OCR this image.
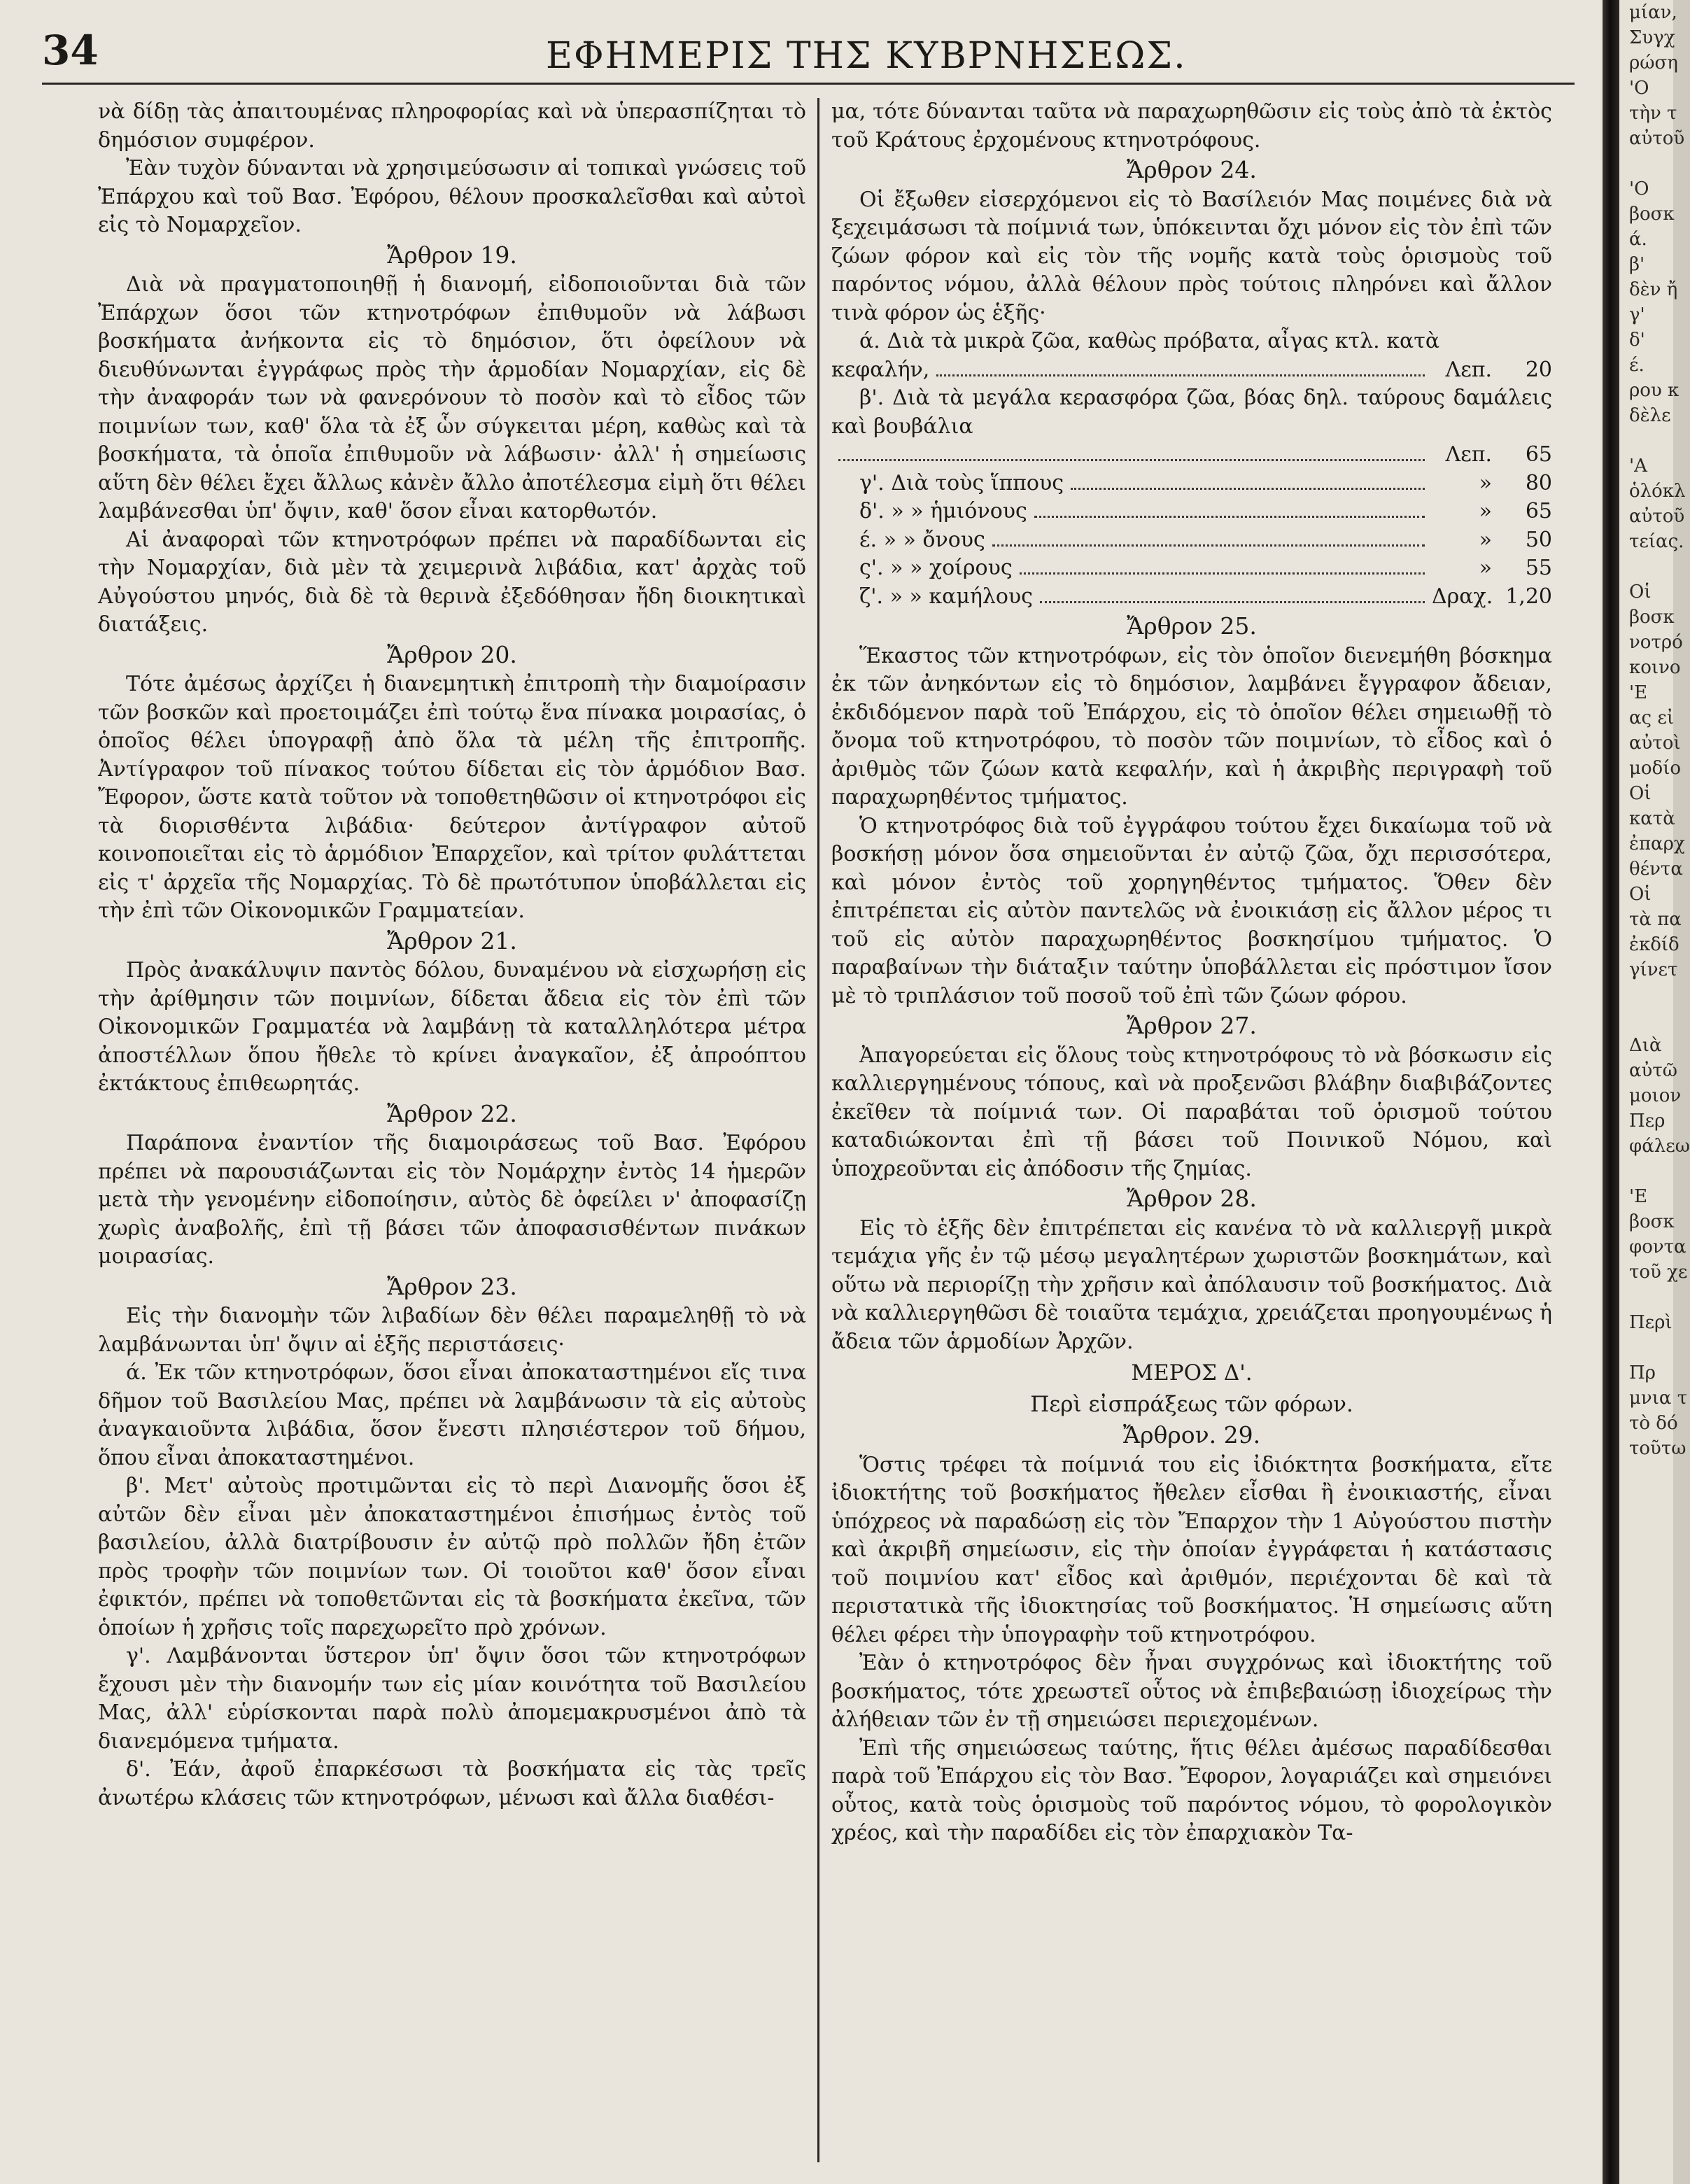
34	ΕΦΗΜΕΡΙΣ ΤΗΣ ΚΥΒΡΝΗΣΕΩΣ.

νὰ δίδῃ τὰς ἀπαιτουμένας πληροφορίας καὶ νὰ ὑπερασπίζηται τὸ δημόσιον συμφέρον.

Ἐὰν τυχὸν δύνανται νὰ χρησιμεύσωσιν αἱ τοπικαὶ γνώσεις τοῦ Ἐπάρχου καὶ τοῦ Βασ. Ἐφόρου, θέλουν προσκαλεῖσθαι καὶ αὐτοὶ εἰς τὸ Νομαρχεῖον.

Ἄρθρον 19.

Διὰ νὰ πραγματοποιηθῇ ἡ διανομή, εἰδοποιοῦνται διὰ τῶν Ἐπάρχων ὅσοι τῶν κτηνοτρόφων ἐπιθυμοῦν νὰ λάβωσι βοσκήματα ἀνήκοντα εἰς τὸ δημόσιον, ὅτι ὀφείλουν νὰ διευθύνωνται ἐγγράφως πρὸς τὴν ἁρμοδίαν Νομαρχίαν, εἰς δὲ τὴν ἀναφοράν των νὰ φανερόνουν τὸ ποσὸν καὶ τὸ εἶδος τῶν ποιμνίων των, καθ' ὅλα τὰ ἐξ ὧν σύγκειται μέρη, καθὼς καὶ τὰ βοσκήματα, τὰ ὁποῖα ἐπιθυμοῦν νὰ λάβωσιν· ἀλλ' ἡ σημείωσις αὕτη δὲν θέλει ἔχει ἄλλως κἀνὲν ἄλλο ἀποτέλεσμα εἰμὴ ὅτι θέλει λαμβάνεσθαι ὑπ' ὄψιν, καθ' ὅσον εἶναι κατορθωτόν.

Αἱ ἀναφοραὶ τῶν κτηνοτρόφων πρέπει νὰ παραδίδωνται εἰς τὴν Νομαρχίαν, διὰ μὲν τὰ χειμερινὰ λιβάδια, κατ' ἀρχὰς τοῦ Αὐγούστου μηνός, διὰ δὲ τὰ θερινὰ ἐξεδόθησαν ἤδη διοικητικαὶ διατάξεις.

Ἄρθρον 20.

Τότε ἀμέσως ἀρχίζει ἡ διανεμητικὴ ἐπιτροπὴ τὴν διαμοίρασιν τῶν βοσκῶν καὶ προετοιμάζει ἐπὶ τούτῳ ἕνα πίνακα μοιρασίας, ὁ ὁποῖος θέλει ὑπογραφῇ ἀπὸ ὅλα τὰ μέλη τῆς ἐπιτροπῆς. Ἀντίγραφον τοῦ πίνακος τούτου δίδεται εἰς τὸν ἁρμόδιον Βασ. Ἔφορον, ὥστε κατὰ τοῦτον νὰ τοποθετηθῶσιν οἱ κτηνοτρόφοι εἰς τὰ διορισθέντα λιβάδια· δεύτερον ἀντίγραφον αὐτοῦ κοινοποιεῖται εἰς τὸ ἁρμόδιον Ἐπαρχεῖον, καὶ τρίτον φυλάττεται εἰς τ' ἀρχεῖα τῆς Νομαρχίας. Τὸ δὲ πρωτότυπον ὑποβάλλεται εἰς τὴν ἐπὶ τῶν Οἰκονομικῶν Γραμματείαν.

Ἄρθρον 21.

Πρὸς ἀνακάλυψιν παντὸς δόλου, δυναμένου νὰ εἰσχωρήσῃ εἰς τὴν ἀρίθμησιν τῶν ποιμνίων, δίδεται ἄδεια εἰς τὸν ἐπὶ τῶν Οἰκονομικῶν Γραμματέα νὰ λαμβάνῃ τὰ καταλληλότερα μέτρα ἀποστέλλων ὅπου ἤθελε τὸ κρίνει ἀναγκαῖον, ἐξ ἀπροόπτου ἐκτάκτους ἐπιθεωρητάς.

Ἄρθρον 22.

Παράπονα ἐναντίον τῆς διαμοιράσεως τοῦ Βασ. Ἐφόρου πρέπει νὰ παρουσιάζωνται εἰς τὸν Νομάρχην ἐντὸς 14 ἡμερῶν μετὰ τὴν γενομένην εἰδοποίησιν, αὐτὸς δὲ ὀφείλει ν' ἀποφασίζῃ χωρὶς ἀναβολῆς, ἐπὶ τῇ βάσει τῶν ἀποφασισθέντων πινάκων μοιρασίας.

Ἄρθρον 23.

Εἰς τὴν διανομὴν τῶν λιβαδίων δὲν θέλει παραμεληθῇ τὸ νὰ λαμβάνωνται ὑπ' ὄψιν αἱ ἑξῆς περιστάσεις·

ά. Ἐκ τῶν κτηνοτρόφων, ὅσοι εἶναι ἀποκαταστημένοι εἴς τινα δῆμον τοῦ Βασιλείου Μας, πρέπει νὰ λαμβάνωσιν τὰ εἰς αὐτοὺς ἀναγκαιοῦντα λιβάδια, ὅσον ἔνεστι πλησιέστερον τοῦ δήμου, ὅπου εἶναι ἀποκαταστημένοι.

β'. Μετ' αὐτοὺς προτιμῶνται εἰς τὸ περὶ Διανομῆς ὅσοι ἐξ αὐτῶν δὲν εἶναι μὲν ἀποκαταστημένοι ἐπισήμως ἐντὸς τοῦ βασιλείου, ἀλλὰ διατρίβουσιν ἐν αὐτῷ πρὸ πολλῶν ἤδη ἐτῶν πρὸς τροφὴν τῶν ποιμνίων των. Οἱ τοιοῦτοι καθ' ὅσον εἶναι ἐφικτόν, πρέπει νὰ τοποθετῶνται εἰς τὰ βοσκήματα ἐκεῖνα, τῶν ὁποίων ἡ χρῆσις τοῖς παρεχωρεῖτο πρὸ χρόνων.

γ'. Λαμβάνονται ὕστερον ὑπ' ὄψιν ὅσοι τῶν κτηνοτρόφων ἔχουσι μὲν τὴν διανομήν των εἰς μίαν κοινότητα τοῦ Βασιλείου Μας, ἀλλ' εὑρίσκονται παρὰ πολὺ ἀπομεμακρυσμένοι ἀπὸ τὰ διανεμόμενα τμήματα.

δ'. Ἐάν, ἀφοῦ ἐπαρκέσωσι τὰ βοσκήματα εἰς τὰς τρεῖς ἀνωτέρω κλάσεις τῶν κτηνοτρόφων, μένωσι καὶ ἄλλα διαθέσι-

μα, τότε δύνανται ταῦτα νὰ παραχωρηθῶσιν εἰς τοὺς ἀπὸ τὰ ἐκτὸς τοῦ Κράτους ἐρχομένους κτηνοτρόφους.

Ἄρθρον 24.

Οἱ ἔξωθεν εἰσερχόμενοι εἰς τὸ Βασίλειόν Μας ποιμένες διὰ νὰ ξεχειμάσωσι τὰ ποίμνιά των, ὑπόκεινται ὄχι μόνον εἰς τὸν ἐπὶ τῶν ζώων φόρον καὶ εἰς τὸν τῆς νομῆς κατὰ τοὺς ὁρισμοὺς τοῦ παρόντος νόμου, ἀλλὰ θέλουν πρὸς τούτοις πληρόνει καὶ ἄλλον τινὰ φόρον ὡς ἑξῆς·

ά. Διὰ τὰ μικρὰ ζῶα, καθὼς πρόβατα, αἶγας κτλ. κατὰ

κεφαλήν,	Λεπ.	20

β'. Διὰ τὰ μεγάλα κερασφόρα ζῶα, βόας δηλ. ταύρους δαμάλεις καὶ βουβάλια

Λεπ.	65
γ'. Διὰ τοὺς ἵππους	»	80
δ'. » » ἡμιόνους	»	65
έ. » » ὄνους	»	50
ς'. » » χοίρους	»	55
ζ'. » » καμήλους	Δραχ. 1,20
Ἄρθρον 25.

Ἕκαστος τῶν κτηνοτρόφων, εἰς τὸν ὁποῖον διενεμήθη βόσκημα ἐκ τῶν ἀνηκόντων εἰς τὸ δημόσιον, λαμβάνει ἔγγραφον ἄδειαν, ἐκδιδόμενον παρὰ τοῦ Ἐπάρχου, εἰς τὸ ὁποῖον θέλει σημειωθῇ τὸ ὄνομα τοῦ κτηνοτρόφου, τὸ ποσὸν τῶν ποιμνίων, τὸ εἶδος καὶ ὁ ἀριθμὸς τῶν ζώων κατὰ κεφαλήν, καὶ ἡ ἀκριβὴς περιγραφὴ τοῦ παραχωρηθέντος τμήματος.

Ὁ κτηνοτρόφος διὰ τοῦ ἐγγράφου τούτου ἔχει δικαίωμα τοῦ νὰ βοσκήσῃ μόνον ὅσα σημειοῦνται ἐν αὐτῷ ζῶα, ὄχι περισσότερα, καὶ μόνον ἐντὸς τοῦ χορηγηθέντος τμήματος. Ὅθεν δὲν ἐπιτρέπεται εἰς αὐτὸν παντελῶς νὰ ἐνοικιάσῃ εἰς ἄλλον μέρος τι τοῦ εἰς αὐτὸν παραχωρηθέντος βοσκησίμου τμήματος. Ὁ παραβαίνων τὴν διάταξιν ταύτην ὑποβάλλεται εἰς πρόστιμον ἴσον μὲ τὸ τριπλάσιον τοῦ ποσοῦ τοῦ ἐπὶ τῶν ζώων φόρου.

Ἄρθρον 27.

Ἀπαγορεύεται εἰς ὅλους τοὺς κτηνοτρόφους τὸ νὰ βόσκωσιν εἰς καλλιεργημένους τόπους, καὶ νὰ προξενῶσι βλάβην διαβιβάζοντες ἐκεῖθεν τὰ ποίμνιά των. Οἱ παραβάται τοῦ ὁρισμοῦ τούτου καταδιώκονται ἐπὶ τῇ βάσει τοῦ Ποινικοῦ Νόμου, καὶ ὑποχρεοῦνται εἰς ἀπόδοσιν τῆς ζημίας.

Ἄρθρον 28.

Εἰς τὸ ἑξῆς δὲν ἐπιτρέπεται εἰς κανένα τὸ νὰ καλλιεργῇ μικρὰ τεμάχια γῆς ἐν τῷ μέσῳ μεγαλητέρων χωριστῶν βοσκημάτων, καὶ οὕτω νὰ περιορίζῃ τὴν χρῆσιν καὶ ἀπόλαυσιν τοῦ βοσκήματος. Διὰ νὰ καλλιεργηθῶσι δὲ τοιαῦτα τεμάχια, χρειάζεται προηγουμένως ἡ ἄδεια τῶν ἁρμοδίων Ἀρχῶν.

ΜΕΡΟΣ Δ'.
Περὶ εἰσπράξεως τῶν φόρων.
Ἄρθρον. 29.

Ὅστις τρέφει τὰ ποίμνιά του εἰς ἰδιόκτητα βοσκήματα, εἴτε ἰδιοκτήτης τοῦ βοσκήματος ἤθελεν εἶσθαι ἢ ἐνοικιαστής, εἶναι ὑπόχρεος νὰ παραδώσῃ εἰς τὸν Ἔπαρχον τὴν 1 Αὐγούστου πιστὴν καὶ ἀκριβῆ σημείωσιν, εἰς τὴν ὁποίαν ἐγγράφεται ἡ κατάστασις τοῦ ποιμνίου κατ' εἶδος καὶ ἀριθμόν, περιέχονται δὲ καὶ τὰ περιστατικὰ τῆς ἰδιοκτησίας τοῦ βοσκήματος. Ἡ σημείωσις αὕτη θέλει φέρει τὴν ὑπογραφὴν τοῦ κτηνοτρόφου.

Ἐὰν ὁ κτηνοτρόφος δὲν ἦναι συγχρόνως καὶ ἰδιοκτήτης τοῦ βοσκήματος, τότε χρεωστεῖ οὗτος νὰ ἐπιβεβαιώσῃ ἰδιοχείρως τὴν ἀλήθειαν τῶν ἐν τῇ σημειώσει περιεχομένων.

Ἐπὶ τῆς σημειώσεως ταύτης, ἥτις θέλει ἀμέσως παραδίδεσθαι παρὰ τοῦ Ἐπάρχου εἰς τὸν Βασ. Ἔφορον, λογαριάζει καὶ σημειόνει οὗτος, κατὰ τοὺς ὁρισμοὺς τοῦ παρόντος νόμου, τὸ φορολογικὸν χρέος, καὶ τὴν παραδίδει εἰς τὸν ἐπαρχιακὸν Τα-

μίαν,
Συγχ
ρώση
'Ο
τὴν τ
αὐτοῦ

'Ο
βοσκ
ά.
β'
δὲν ἤ
γ'
δ'
έ.
ρου κ
δὲλε

'Α
ὁλόκλ
αὐτοῦ
τείας.

Οἱ
βοσκ
νοτρό
κοινο
'Ε
ας εἰ
αὐτοὶ
μοδίο
Οἱ
κατὰ
ἐπαρχ
θέντα
Οἱ
τὰ πα
ἐκδίδ
γίνετ

Διὰ
αὐτῶ
μοιον
Περ
φάλεω

'Ε
βοσκ
φοντα
τοῦ χε

Περὶ

Πρ
μνια τ
τὸ δό
τοῦτω
